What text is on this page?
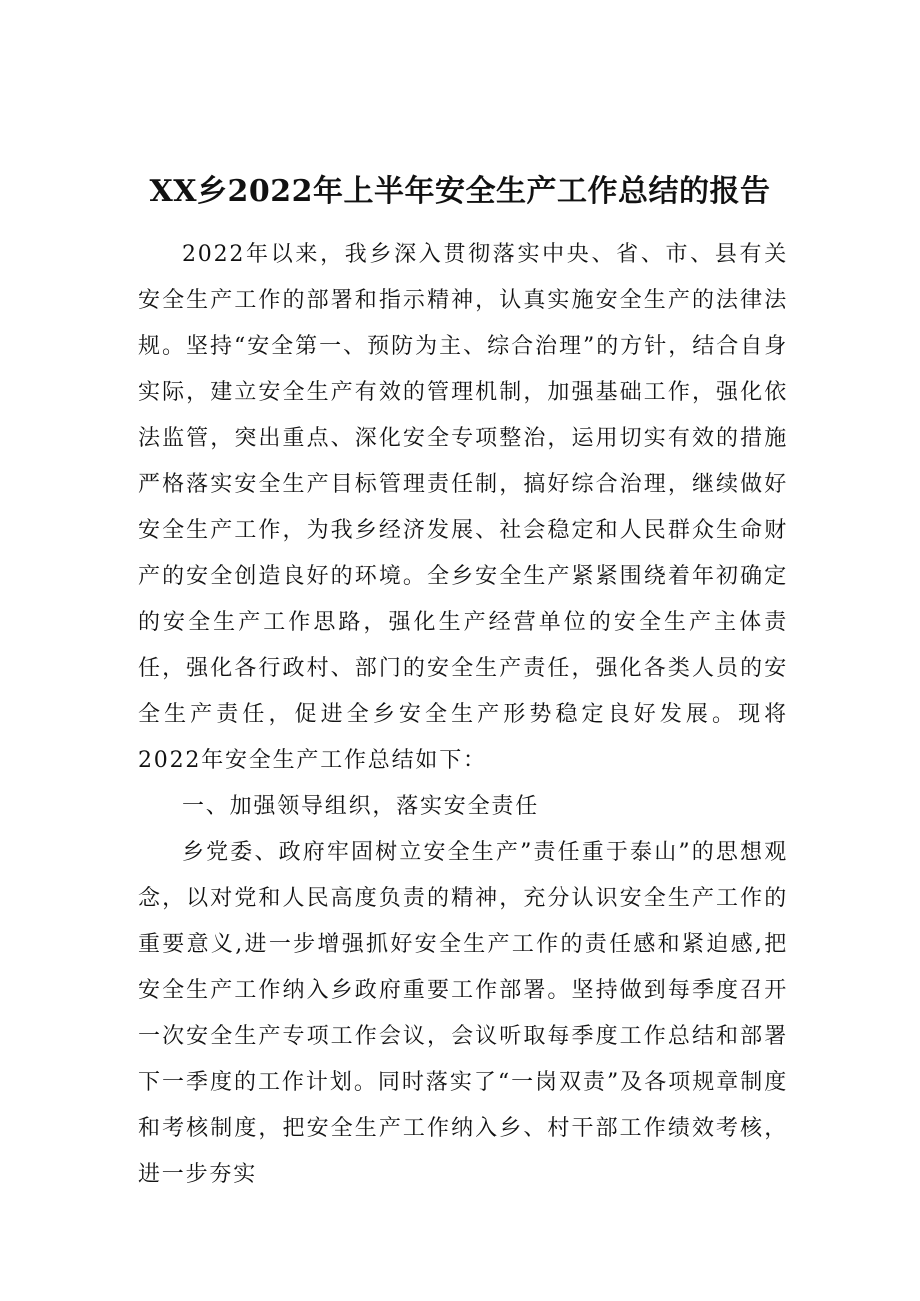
XX乡2022年上半年安全生产工作总结的报告

2022年以来，我乡深入贯彻落实中央、省、市、县有关安全生产工作的部署和指示精神，认真实施安全生产的法律法规。坚持“安全第一、预防为主、综合治理”的方针，结合自身实际，建立安全生产有效的管理机制，加强基础工作，强化依法监管，突出重点、深化安全专项整治，运用切实有效的措施严格落实安全生产目标管理责任制，搞好综合治理，继续做好安全生产工作，为我乡经济发展、社会稳定和人民群众生命财产的安全创造良好的环境。全乡安全生产紧紧围绕着年初确定的安全生产工作思路，强化生产经营单位的安全生产主体责任，强化各行政村、部门的安全生产责任，强化各类人员的安全生产责任，促进全乡安全生产形势稳定良好发展。现将2022年安全生产工作总结如下：

一、加强领导组织，落实安全责任

乡党委、政府牢固树立安全生产”责任重于泰山”的思想观念，以对党和人民高度负责的精神，充分认识安全生产工作的重要意义,进一步增强抓好安全生产工作的责任感和紧迫感,把安全生产工作纳入乡政府重要工作部署。坚持做到每季度召开一次安全生产专项工作会议，会议听取每季度工作总结和部署下一季度的工作计划。同时落实了“一岗双责”及各项规章制度和考核制度，把安全生产工作纳入乡、村干部工作绩效考核，进一步夯实
